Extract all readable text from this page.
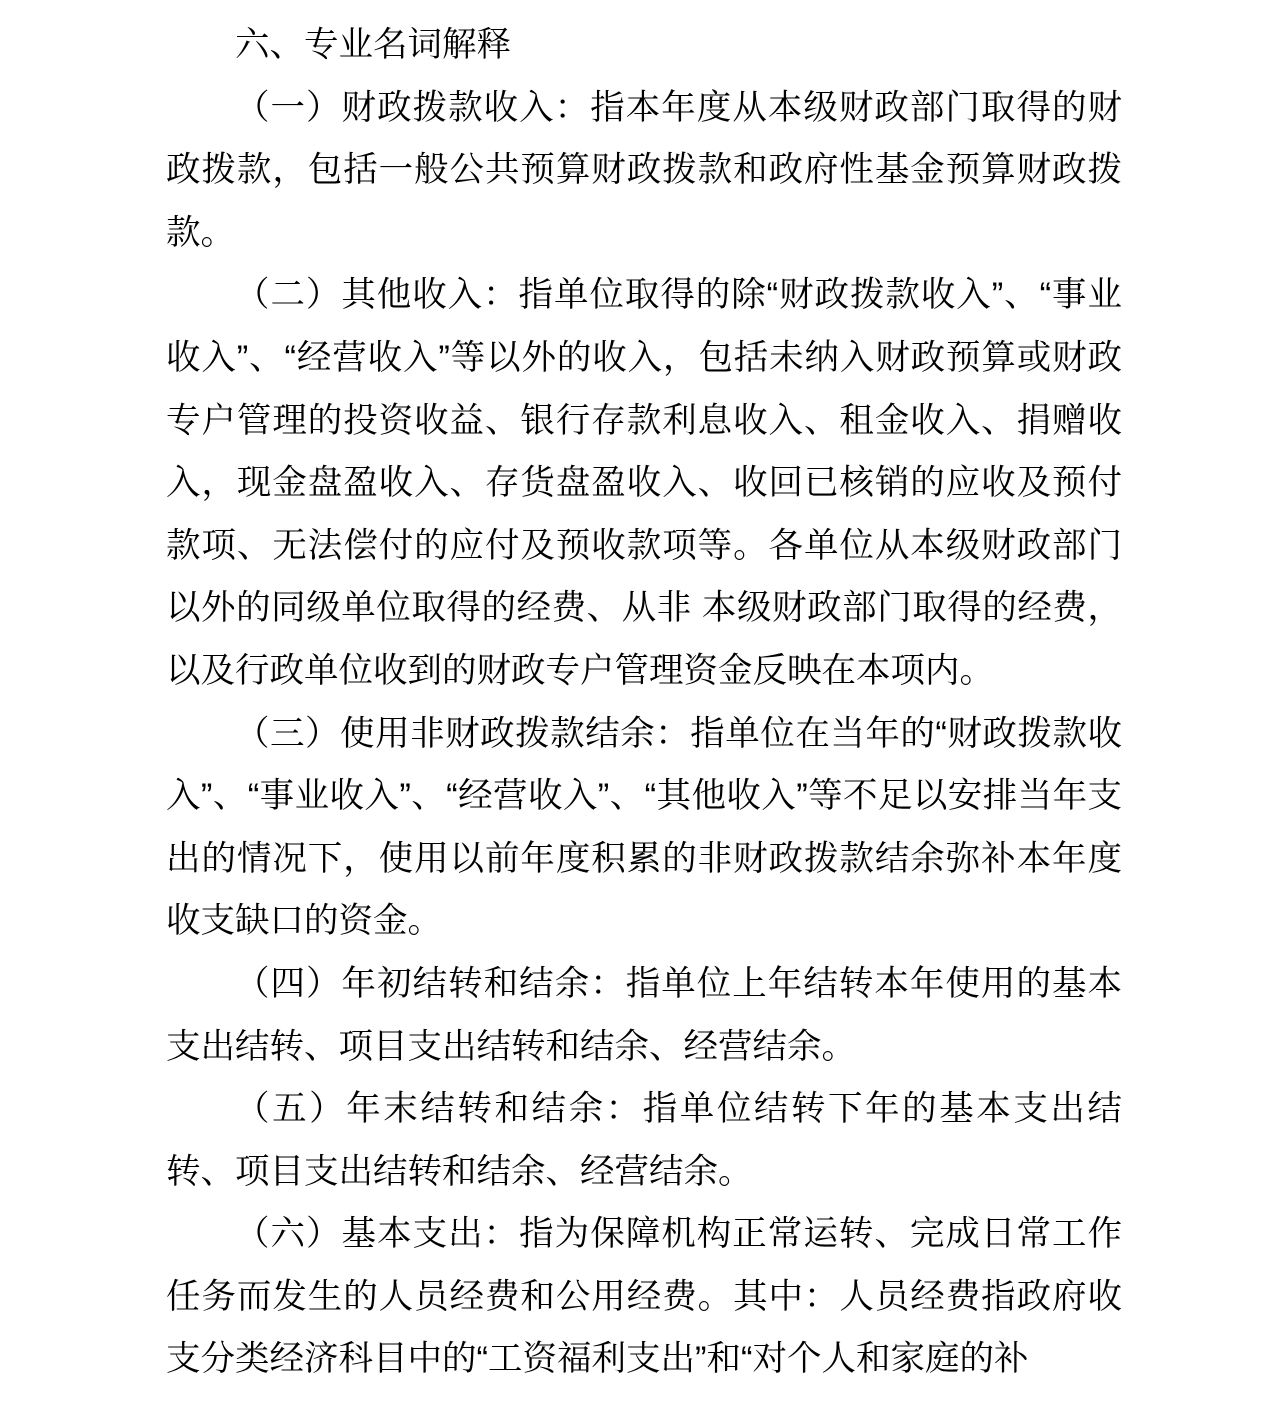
六、专业名词解释

（一）财政拨款收入：指本年度从本级财政部门取得的财政拨款，包括一般公共预算财政拨款和政府性基金预算财政拨款。

（二）其他收入：指单位取得的除“财政拨款收入”、“事业收入”、“经营收入”等以外的收入，包括未纳入财政预算或财政专户管理的投资收益、银行存款利息收入、租金收入、捐赠收入，现金盘盈收入、存货盘盈收入、收回已核销的应收及预付款项、无法偿付的应付及预收款项等。各单位从本级财政部门以外的同级单位取得的经费、从非 本级财政部门取得的经费，以及行政单位收到的财政专户管理资金反映在本项内。

（三）使用非财政拨款结余：指单位在当年的“财政拨款收入”、“事业收入”、“经营收入”、“其他收入”等不足以安排当年支出的情况下，使用以前年度积累的非财政拨款结余弥补本年度收支缺口的资金。

（四）年初结转和结余：指单位上年结转本年使用的基本支出结转、项目支出结转和结余、经营结余。

（五）年末结转和结余：指单位结转下年的基本支出结转、项目支出结转和结余、经营结余。

（六）基本支出：指为保障机构正常运转、完成日常工作任务而发生的人员经费和公用经费。其中：人员经费指政府收支分类经济科目中的“工资福利支出”和“对个人和家庭的补
